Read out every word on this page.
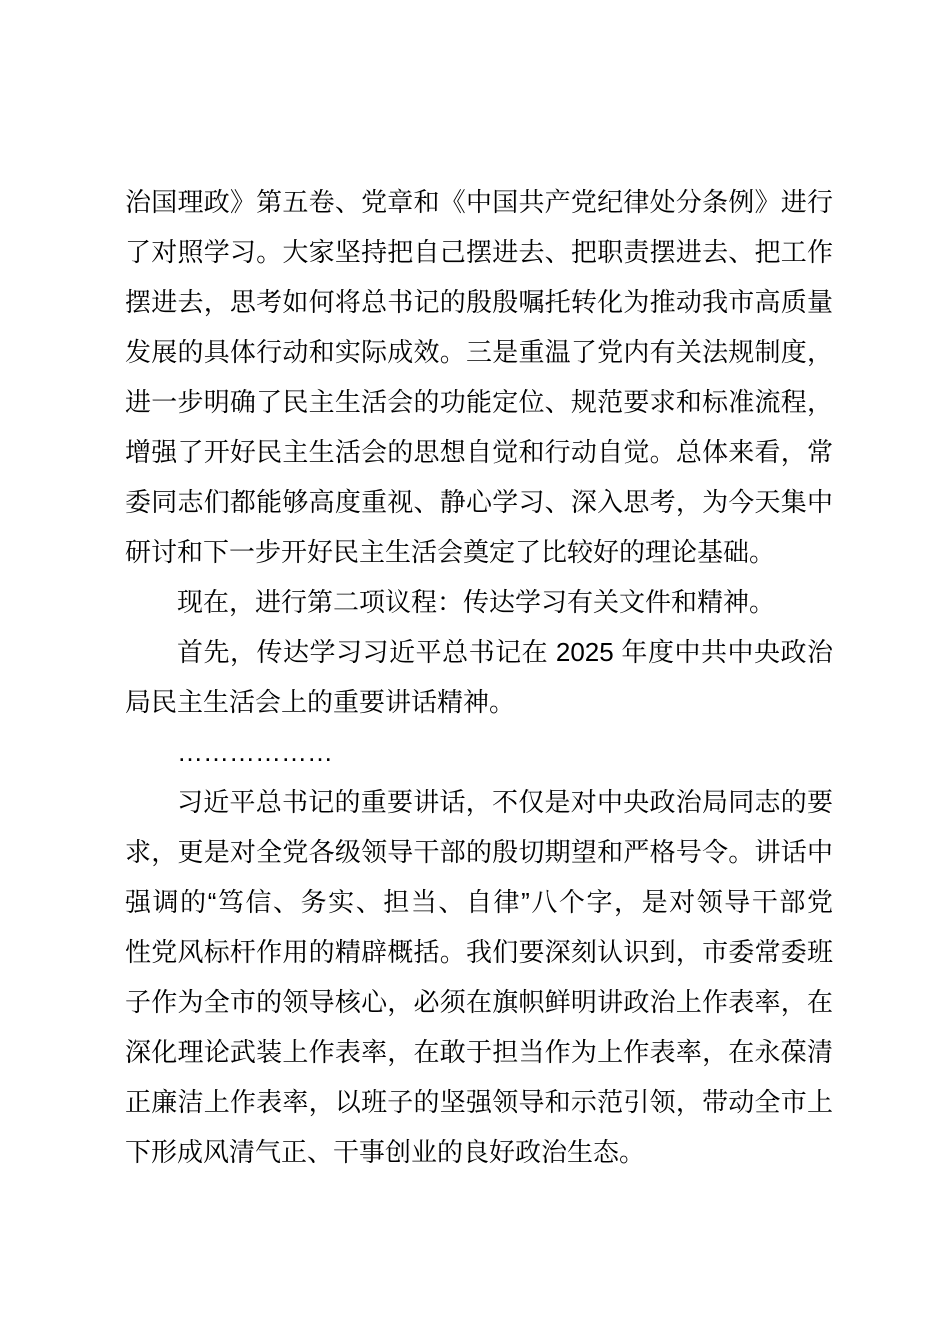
治国理政》第五卷、党章和《中国共产党纪律处分条例》进行
了对照学习。大家坚持把自己摆进去、把职责摆进去、把工作
摆进去，思考如何将总书记的殷殷嘱托转化为推动我市高质量
发展的具体行动和实际成效。三是重温了党内有关法规制度，
进一步明确了民主生活会的功能定位、规范要求和标准流程，
增强了开好民主生活会的思想自觉和行动自觉。总体来看，常
委同志们都能够高度重视、静心学习、深入思考，为今天集中
研讨和下一步开好民主生活会奠定了比较好的理论基础。
现在，进行第二项议程：传达学习有关文件和精神。
首先，传达学习习近平总书记在 2025 年度中共中央政治
局民主生活会上的重要讲话精神。
………………
习近平总书记的重要讲话，不仅是对中央政治局同志的要
求，更是对全党各级领导干部的殷切期望和严格号令。讲话中
强调的“笃信、务实、担当、自律”八个字，是对领导干部党
性党风标杆作用的精辟概括。我们要深刻认识到，市委常委班
子作为全市的领导核心，必须在旗帜鲜明讲政治上作表率，在
深化理论武装上作表率，在敢于担当作为上作表率，在永葆清
正廉洁上作表率，以班子的坚强领导和示范引领，带动全市上
下形成风清气正、干事创业的良好政治生态。
